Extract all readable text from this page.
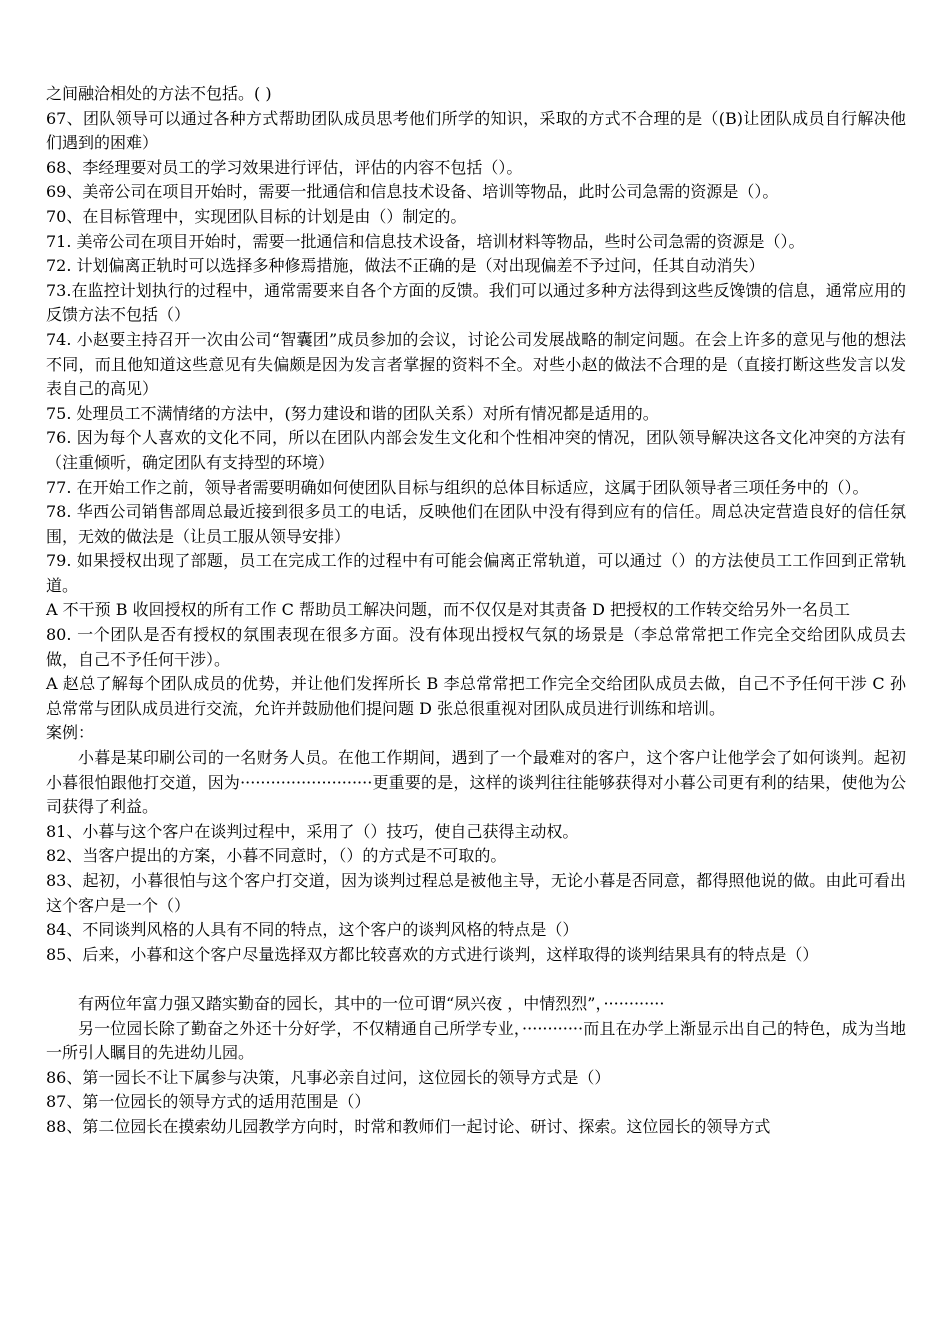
之间融洽相处的方法不包括。( )

67、团队领导可以通过各种方式帮助团队成员思考他们所学的知识，采取的方式不合理的是（(B)让团队成员自行解决他们遇到的困难）

68、李经理要对员工的学习效果进行评估，评估的内容不包括（）。

69、美帝公司在项目开始时，需要一批通信和信息技术设备、培训等物品，此时公司急需的资源是（）。

70、在目标管理中，实现团队目标的计划是由（）制定的。

71. 美帝公司在项目开始时，需要一批通信和信息技术设备，培训材料等物品，些时公司急需的资源是（）。

72. 计划偏离正轨时可以选择多种修焉措施，做法不正确的是（对出现偏差不予过问，任其自动消失）

73.在监控计划执行的过程中，通常需要来自各个方面的反馈。我们可以通过多种方法得到这些反馋馈的信息，通常应用的反馈方法不包括（）

74. 小赵要主持召开一次由公司“智囊团”成员参加的会议，讨论公司发展战略的制定问题。在会上许多的意见与他的想法不同，而且他知道这些意见有失偏颇是因为发言者掌握的资料不全。对些小赵的做法不合理的是（直接打断这些发言以发表自己的高见）

75. 处理员工不满情绪的方法中，(努力建设和谐的团队关系）对所有情况都是适用的。

76. 因为每个人喜欢的文化不同，所以在团队内部会发生文化和个性相冲突的情况，团队领导解决这各文化冲突的方法有（注重倾听，确定团队有支持型的环境）

77. 在开始工作之前，领导者需要明确如何使团队目标与组织的总体目标适应，这属于团队领导者三项任务中的（）。

78. 华西公司销售部周总最近接到很多员工的电话，反映他们在团队中没有得到应有的信任。周总决定营造良好的信任氛围，无效的做法是（让员工服从领导安排）

79. 如果授权出现了部题，员工在完成工作的过程中有可能会偏离正常轨道，可以通过（）的方法使员工工作回到正常轨道。

A 不干预 B 收回授权的所有工作 C 帮助员工解决问题，而不仅仅是对其责备 D 把授权的工作转交给另外一名员工

80. 一个团队是否有授权的氛围表现在很多方面。没有体现出授权气氛的场景是（李总常常把工作完全交给团队成员去做，自己不予任何干涉）。

A 赵总了解每个团队成员的优势，并让他们发挥所长 B 李总常常把工作完全交给团队成员去做，自己不予任何干涉 C 孙总常常与团队成员进行交流，允许并鼓励他们提问题 D 张总很重视对团队成员进行训练和培训。

案例：

小暮是某印刷公司的一名财务人员。在他工作期间，遇到了一个最难对的客户，这个客户让他学会了如何谈判。起初小暮很怕跟他打交道，因为··························更重要的是，这样的谈判往往能够获得对小暮公司更有利的结果，使他为公司获得了利益。

81、小暮与这个客户在谈判过程中，采用了（）技巧，使自己获得主动权。

82、当客户提出的方案，小暮不同意时，（）的方式是不可取的。

83、起初，小暮很怕与这个客户打交道，因为谈判过程总是被他主导，无论小暮是否同意，都得照他说的做。由此可看出这个客户是一个（）

84、不同谈判风格的人具有不同的特点，这个客户的谈判风格的特点是（）

85、后来，小暮和这个客户尽量选择双方都比较喜欢的方式进行谈判，这样取得的谈判结果具有的特点是（）

有两位年富力强又踏实勤奋的园长，其中的一位可谓“夙兴夜 ，中情烈烈”，············

另一位园长除了勤奋之外还十分好学，不仅精通自己所学专业，············而且在办学上渐显示出自己的特色，成为当地一所引人瞩目的先进幼儿园。

86、第一园长不让下属参与决策，凡事必亲自过问，这位园长的领导方式是（）

87、第一位园长的领导方式的适用范围是（）

88、第二位园长在摸索幼儿园教学方向时，时常和教师们一起讨论、研讨、探索。这位园长的领导方式
